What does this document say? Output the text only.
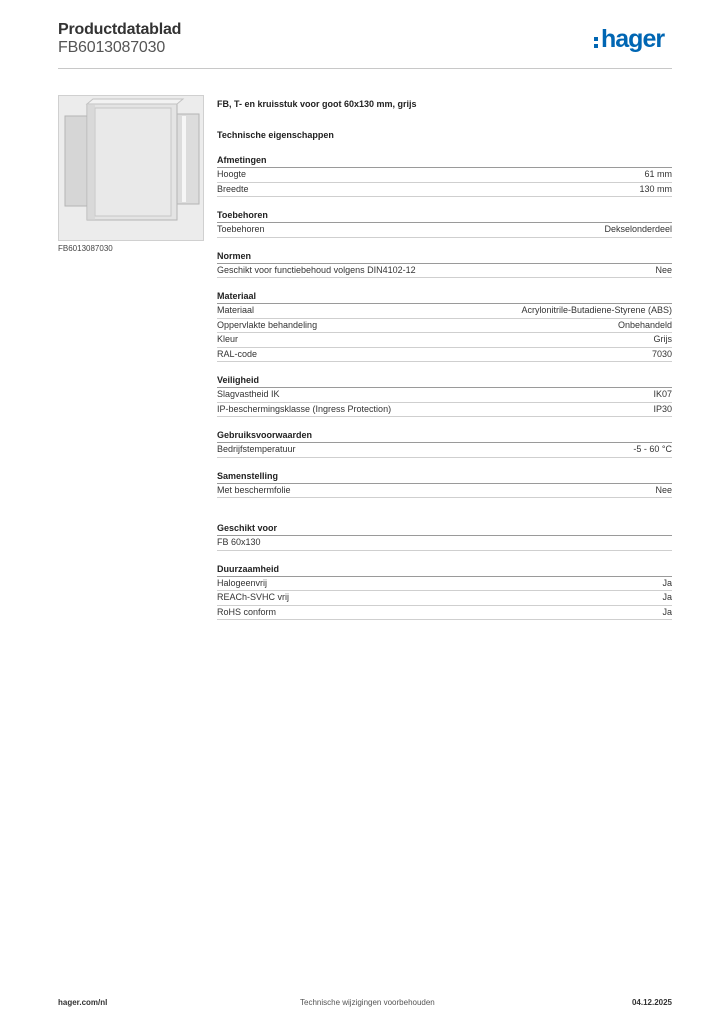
Productdatablad
FB6013087030	hager
FB6013087030
FB, T- en kruisstuk voor goot 60x130 mm, grijs
Technische eigenschappen
Afmetingen
Hoogte	61 mm
Breedte	130 mm
Toebehoren
Toebehoren	Dekselonderdeel
Normen
Geschikt voor functiebehoud volgens DIN4102-12	Nee
Materiaal
Materiaal	Acrylonitrile-Butadiene-Styrene (ABS)
Oppervlakte behandeling	Onbehandeld
Kleur	Grijs
RAL-code	7030
Veiligheid
Slagvastheid IK	IK07
IP-beschermingsklasse (Ingress Protection)	IP30
Gebruiksvoorwaarden
Bedrijfstemperatuur	-5 - 60 °C
Samenstelling
Met beschermfolie	Nee
Geschikt voor
FB 60x130
Duurzaamheid
Halogeenvrij	Ja
REACh-SVHC vrij	Ja
RoHS conform	Ja
hager.com/nl	Technische wijzigingen voorbehouden	04.12.2025
